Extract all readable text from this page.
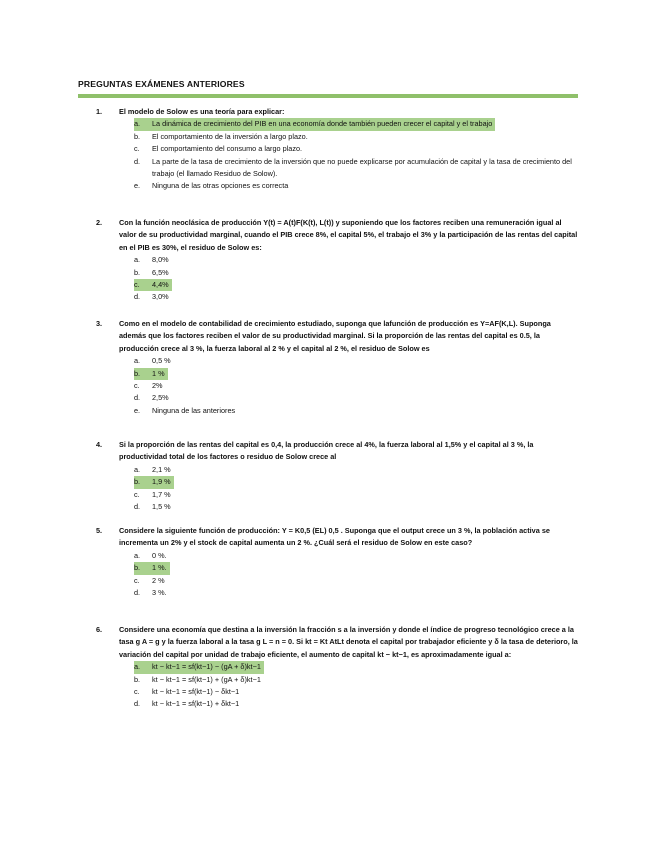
PREGUNTAS EXÁMENES ANTERIORES
1. El modelo de Solow es una teoría para explicar:
a.	La dinámica de crecimiento del PIB en una economía donde también pueden crecer el capital y el trabajo
b.	El comportamiento de la inversión a largo plazo.
c.	El comportamiento del consumo a largo plazo.
d.	La parte de la tasa de crecimiento de la inversión que no puede explicarse por acumulación de capital y la tasa de crecimiento del trabajo (el llamado Residuo de Solow).
e.	Ninguna de las otras opciones es correcta
2. Con la función neoclásica de producción Y(t) = A(t)F(K(t), L(t)) y suponiendo que los factores reciben una remuneración igual al valor de su productividad marginal, cuando el PIB crece 8%, el capital 5%, el trabajo el 3% y la participación de las rentas del capital en el PIB es 30%, el residuo de Solow es:
a.	8,0%
b.	6,5%
c.	4,4%
d.	3,0%
3. Como en el modelo de contabilidad de crecimiento estudiado, suponga que lafunción de producción es Y=AF(K,L). Suponga además que los factores reciben el valor de su productividad marginal. Si la proporción de las rentas del capital es 0.5, la producción crece al 3 %, la fuerza laboral al 2 % y el capital al 2 %, el residuo de Solow es
a.	0,5 %
b.	1 %
c.	2%
d.	2,5%
e.	Ninguna de las anteriores
4. Si la proporción de las rentas del capital es 0,4, la producción crece al 4%, la fuerza laboral al 1,5% y el capital al 3 %, la productividad total de los factores o residuo de Solow crece al
a.	2,1 %
b.	1,9 %
c.	1,7 %
d.	1,5 %
5. Considere la siguiente función de producción: Y = K0,5 (EL) 0,5 . Suponga que el output crece un 3 %, la población activa se incrementa un 2% y el stock de capital aumenta un 2 %. ¿Cuál será el residuo de Solow en este caso?
a.	0 %.
b.	1 %.
c.	2 %
d.	3 %.
6. Considere una economía que destina a la inversión la fracción s a la inversión y donde el índice de progreso tecnológico crece a la tasa g A = g y la fuerza laboral a la tasa g L = n = 0. Si kt = Kt AtLt denota el capital por trabajador eficiente y δ la tasa de deterioro, la variación del capital por unidad de trabajo eficiente, el aumento de capital kt − kt−1, es aproximadamente igual a:
a.	kt − kt−1 = sf(kt−1) − (gA + δ)kt−1
b.	kt − kt−1 = sf(kt−1) + (gA + δ)kt−1
c.	kt − kt−1 = sf(kt−1) − δkt−1
d.	kt − kt−1 = sf(kt−1) + δkt−1
